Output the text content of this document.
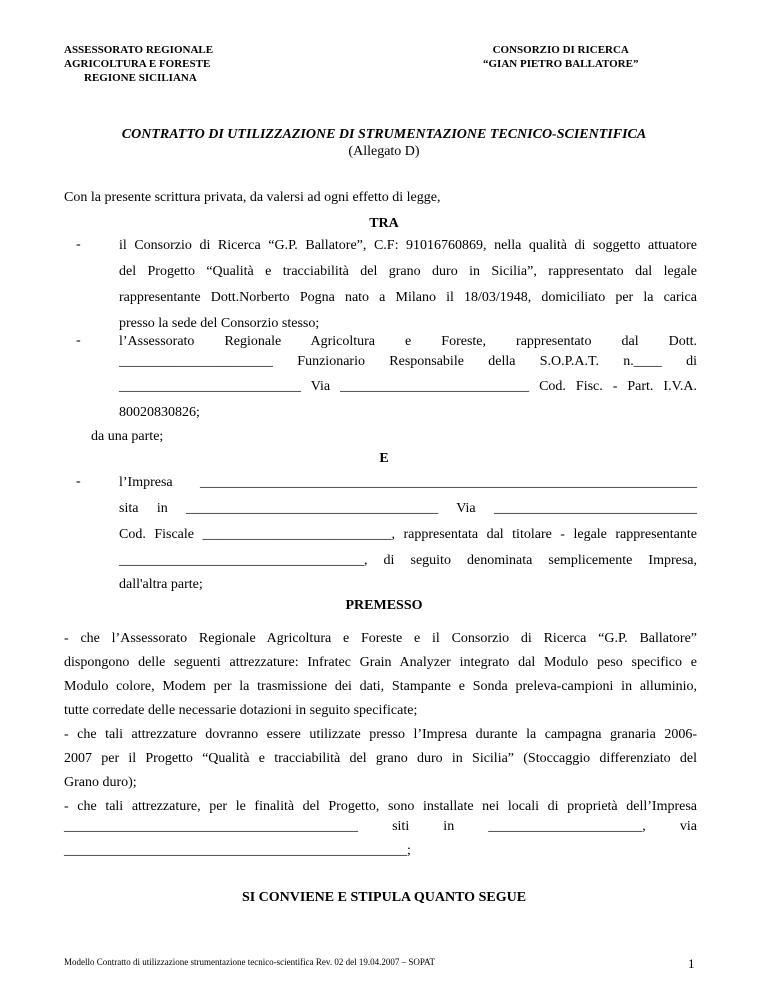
ASSESSORATO REGIONALE
AGRICOLTURA E FORESTE
REGIONE SICILIANA
CONSORZIO DI RICERCA
“GIAN PIETRO BALLATORE”
CONTRATTO DI UTILIZZAZIONE DI STRUMENTAZIONE TECNICO-SCIENTIFICA
(Allegato D)
Con la presente scrittura privata, da valersi ad ogni effetto di legge,
TRA
-	il Consorzio di Ricerca “G.P. Ballatore”, C.F: 91016760869, nella qualità di soggetto attuatore
del Progetto “Qualità e tracciabilità del grano duro in Sicilia”, rappresentato dal legale
rappresentante Dott.Norberto Pogna nato a Milano il 18/03/1948, domiciliato per la carica
presso la sede del Consorzio stesso;
-	l’Assessorato Regionale Agricoltura e Foreste, rappresentato dal Dott.
______________________ Funzionario Responsabile della S.O.P.A.T. n.____ di
__________________________ Via ___________________________ Cod. Fisc. - Part. I.V.A.
80020830826;
da una parte;
E
-	l’Impresa _______________________________________________________________________
sita in ____________________________________ Via _____________________________
Cod. Fiscale ___________________________, rappresentata dal titolare - legale rappresentante
___________________________________, di seguito denominata semplicemente Impresa,
dall'altra parte;
PREMESSO
- che l’Assessorato Regionale Agricoltura e Foreste e il Consorzio di Ricerca “G.P. Ballatore”
dispongono delle seguenti attrezzature: Infratec Grain Analyzer integrato dal Modulo peso specifico e
Modulo colore, Modem per la trasmissione dei dati, Stampante e Sonda preleva-campioni in alluminio,
tutte corredate delle necessarie dotazioni in seguito specificate;
- che tali attrezzature dovranno essere utilizzate presso l’Impresa durante la campagna granaria 2006-
2007 per il Progetto “Qualità e tracciabilità del grano duro in Sicilia” (Stoccaggio differenziato del
Grano duro);
- che tali attrezzature, per le finalità del Progetto, sono installate nei locali di proprietà dell’Impresa
__________________________________________ siti in ______________________, via
_________________________________________________;
SI CONVIENE E STIPULA QUANTO SEGUE
Modello Contratto di utilizzazione strumentazione tecnico-scientifica Rev. 02 del 19.04.2007 – SOPAT	1
